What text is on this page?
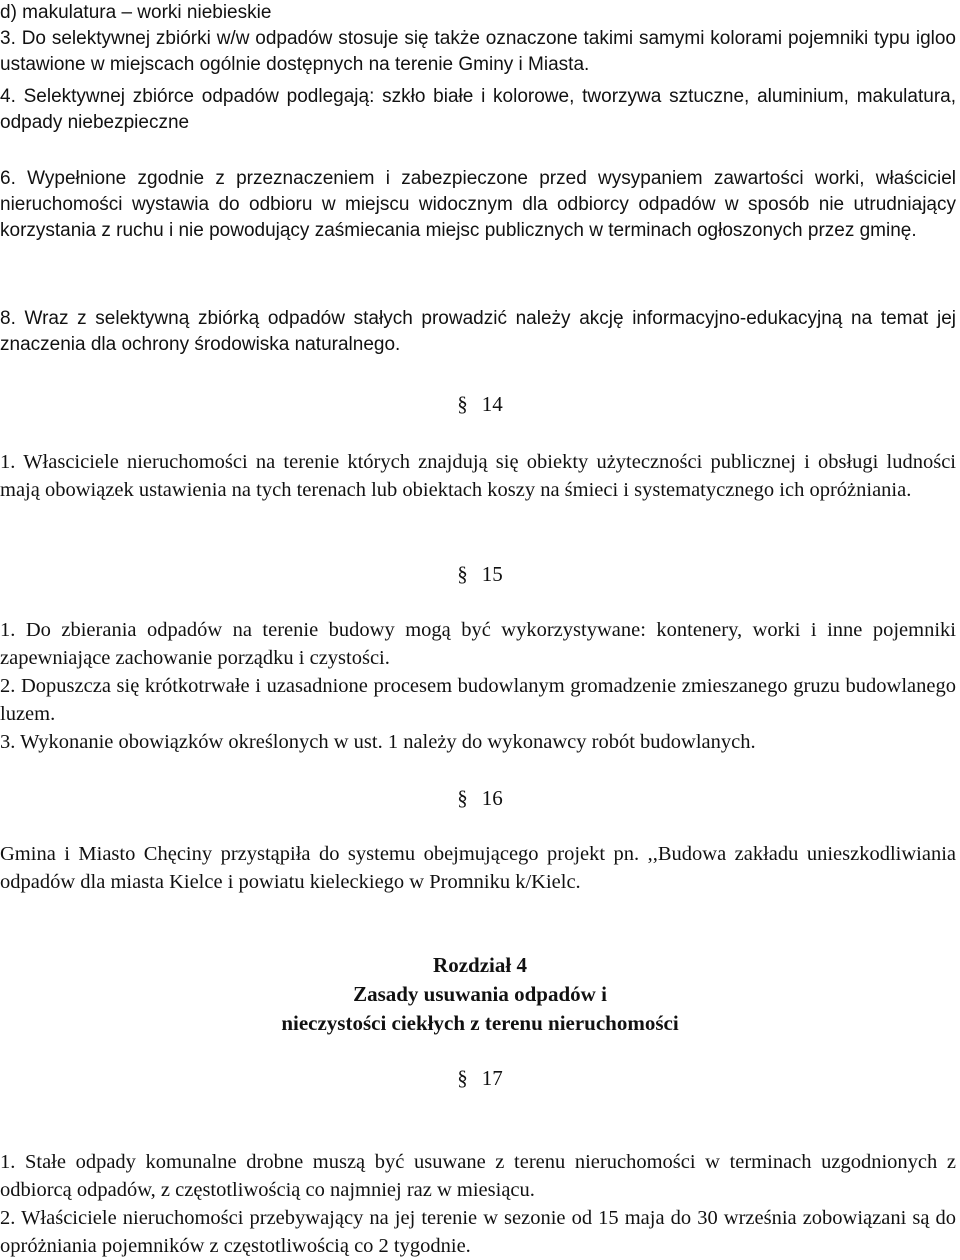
d) makulatura – worki niebieskie

3. Do selektywnej zbiórki w/w odpadów stosuje się także oznaczone takimi samymi kolorami pojemniki typu igloo ustawione w miejscach ogólnie dostępnych na terenie Gminy i Miasta.

4. Selektywnej zbiórce odpadów podlegają: szkło białe i kolorowe, tworzywa sztuczne, aluminium, makulatura, odpady niebezpieczne

6. Wypełnione zgodnie z przeznaczeniem i zabezpieczone przed wysypaniem zawartości worki, właściciel nieruchomości wystawia do odbioru w miejscu widocznym dla odbiorcy odpadów w sposób nie utrudniający korzystania z ruchu i nie powodujący zaśmiecania miejsc publicznych w terminach ogłoszonych przez gminę.

8. Wraz z selektywną zbiórką odpadów stałych prowadzić należy akcję informacyjno-edukacyjną na temat jej znaczenia dla ochrony środowiska naturalnego.

§ 14

1. Własciciele nieruchomości na terenie których znajdują się obiekty użyteczności publicznej i obsługi ludności mają obowiązek ustawienia na tych terenach lub obiektach koszy na śmieci i systematycznego ich opróżniania.

§ 15

1. Do zbierania odpadów na terenie budowy mogą być wykorzystywane: kontenery, worki i inne pojemniki zapewniające zachowanie porządku i czystości.

2. Dopuszcza się krótkotrwałe i uzasadnione procesem budowlanym gromadzenie zmieszanego gruzu budowlanego luzem.

3. Wykonanie obowiązków określonych w ust. 1 należy do wykonawcy robót budowlanych.

§ 16

Gmina i Miasto Chęciny przystąpiła do systemu obejmującego projekt pn. ,,Budowa zakładu unieszkodliwiania odpadów dla miasta Kielce i powiatu kieleckiego w Promniku k/Kielc.

Rozdział 4
Zasady usuwania odpadów i
nieczystości ciekłych z terenu nieruchomości
§ 17

1. Stałe odpady komunalne drobne muszą być usuwane z terenu nieruchomości w terminach uzgodnionych z odbiorcą odpadów, z częstotliwością co najmniej raz w miesiącu.

2. Właściciele nieruchomości przebywający na jej terenie w sezonie od 15 maja do 30 września zobowiązani są do opróżniania pojemników z częstotliwością co 2 tygodnie.
